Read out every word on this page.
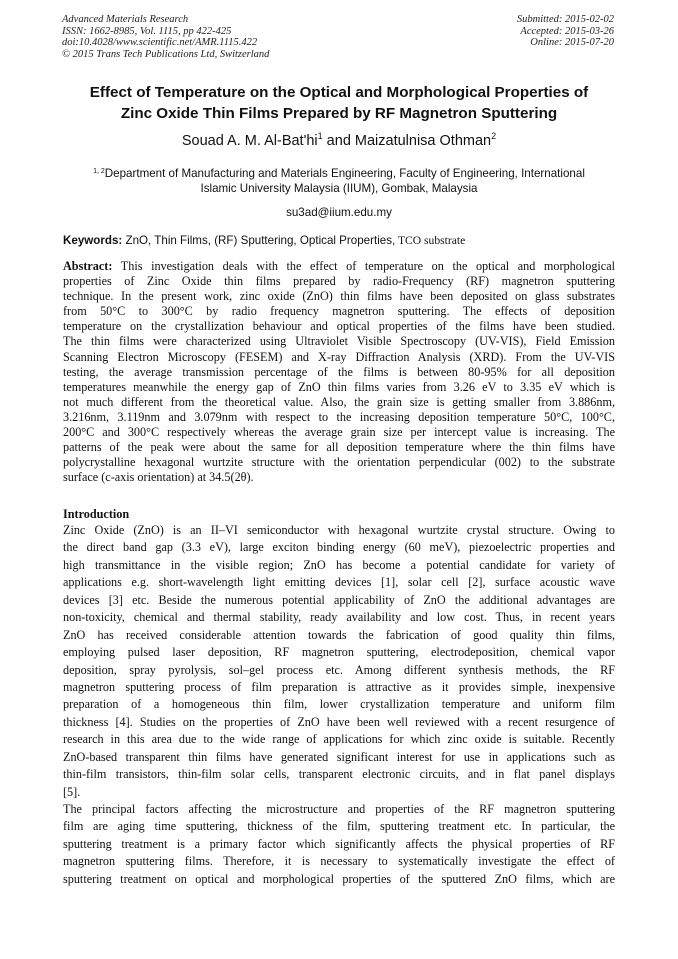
Advanced Materials Research
ISSN: 1662-8985, Vol. 1115, pp 422-425
doi:10.4028/www.scientific.net/AMR.1115.422
© 2015 Trans Tech Publications Ltd, Switzerland
Submitted: 2015-02-02
Accepted: 2015-03-26
Online: 2015-07-20
Effect of Temperature on the Optical and Morphological Properties of
Zinc Oxide Thin Films Prepared by RF Magnetron Sputtering
Souad A. M. $Al-Bat'hi^1$ and Maizatulnisa Othman$^2$
$^{1, 2}$Department of Manufacturing and Materials Engineering, Faculty of Engineering, International
Islamic University Malaysia (IIUM), Gombak, Malaysia
su3ad@iium.edu.my
Keywords: ZnO, Thin Films, (RF) Sputtering, Optical Properties, TCO substrate
Abstract: This investigation deals with the effect of temperature on the optical and morphological
properties of Zinc Oxide thin films prepared by radio-Frequency (RF) magnetron sputtering
technique. In the present work, zinc oxide (ZnO) thin films have been deposited on glass substrates
from 50°C to 300°C by radio frequency magnetron sputtering. The effects of deposition
temperature on the crystallization behaviour and optical properties of the films have been studied.
The thin films were characterized using Ultraviolet Visible Spectroscopy (UV-VIS), Field Emission
Scanning Electron Microscopy (FESEM) and X-ray Diffraction Analysis (XRD). From the UV-VIS
testing, the average transmission percentage of the films is between 80-95% for all deposition
temperatures meanwhile the energy gap of ZnO thin films varies from 3.26 eV to 3.35 eV which is
not much different from the theoretical value. Also, the grain size is getting smaller from 3.886nm,
3.216nm, 3.119nm and 3.079nm with respect to the increasing deposition temperature 50°C, 100°C,
200°C and 300°C respectively whereas the average grain size per intercept value is increasing. The
patterns of the peak were about the same for all deposition temperature where the thin films have
polycrystalline hexagonal wurtzite structure with the orientation perpendicular (002) to the substrate
surface (c-axis orientation) at 34.5(2θ).
Introduction
Zinc Oxide (ZnO) is an II–VI semiconductor with hexagonal wurtzite crystal structure. Owing to
the direct band gap (3.3 eV), large exciton binding energy (60 meV), piezoelectric properties and
high transmittance in the visible region; ZnO has become a potential candidate for variety of
applications e.g. short-wavelength light emitting devices [1], solar cell [2], surface acoustic wave
devices [3] etc. Beside the numerous potential applicability of ZnO the additional advantages are
non-toxicity, chemical and thermal stability, ready availability and low cost. Thus, in recent years
ZnO has received considerable attention towards the fabrication of good quality thin films,
employing pulsed laser deposition, RF magnetron sputtering, electrodeposition, chemical vapor
deposition, spray pyrolysis, sol–gel process etc. Among different synthesis methods, the RF
magnetron sputtering process of film preparation is attractive as it provides simple, inexpensive
preparation of a homogeneous thin film, lower crystallization temperature and uniform film
thickness [4]. Studies on the properties of ZnO have been well reviewed with a recent resurgence of
research in this area due to the wide range of applications for which zinc oxide is suitable. Recently
ZnO-based transparent thin films have generated significant interest for use in applications such as
thin-film transistors, thin-film solar cells, transparent electronic circuits, and in flat panel displays
[5].
The principal factors affecting the microstructure and properties of the RF magnetron sputtering
film are aging time sputtering, thickness of the film, sputtering treatment etc. In particular, the
sputtering treatment is a primary factor which significantly affects the physical properties of RF
magnetron sputtering films. Therefore, it is necessary to systematically investigate the effect of
sputtering treatment on optical and morphological properties of the sputtered ZnO films, which are
